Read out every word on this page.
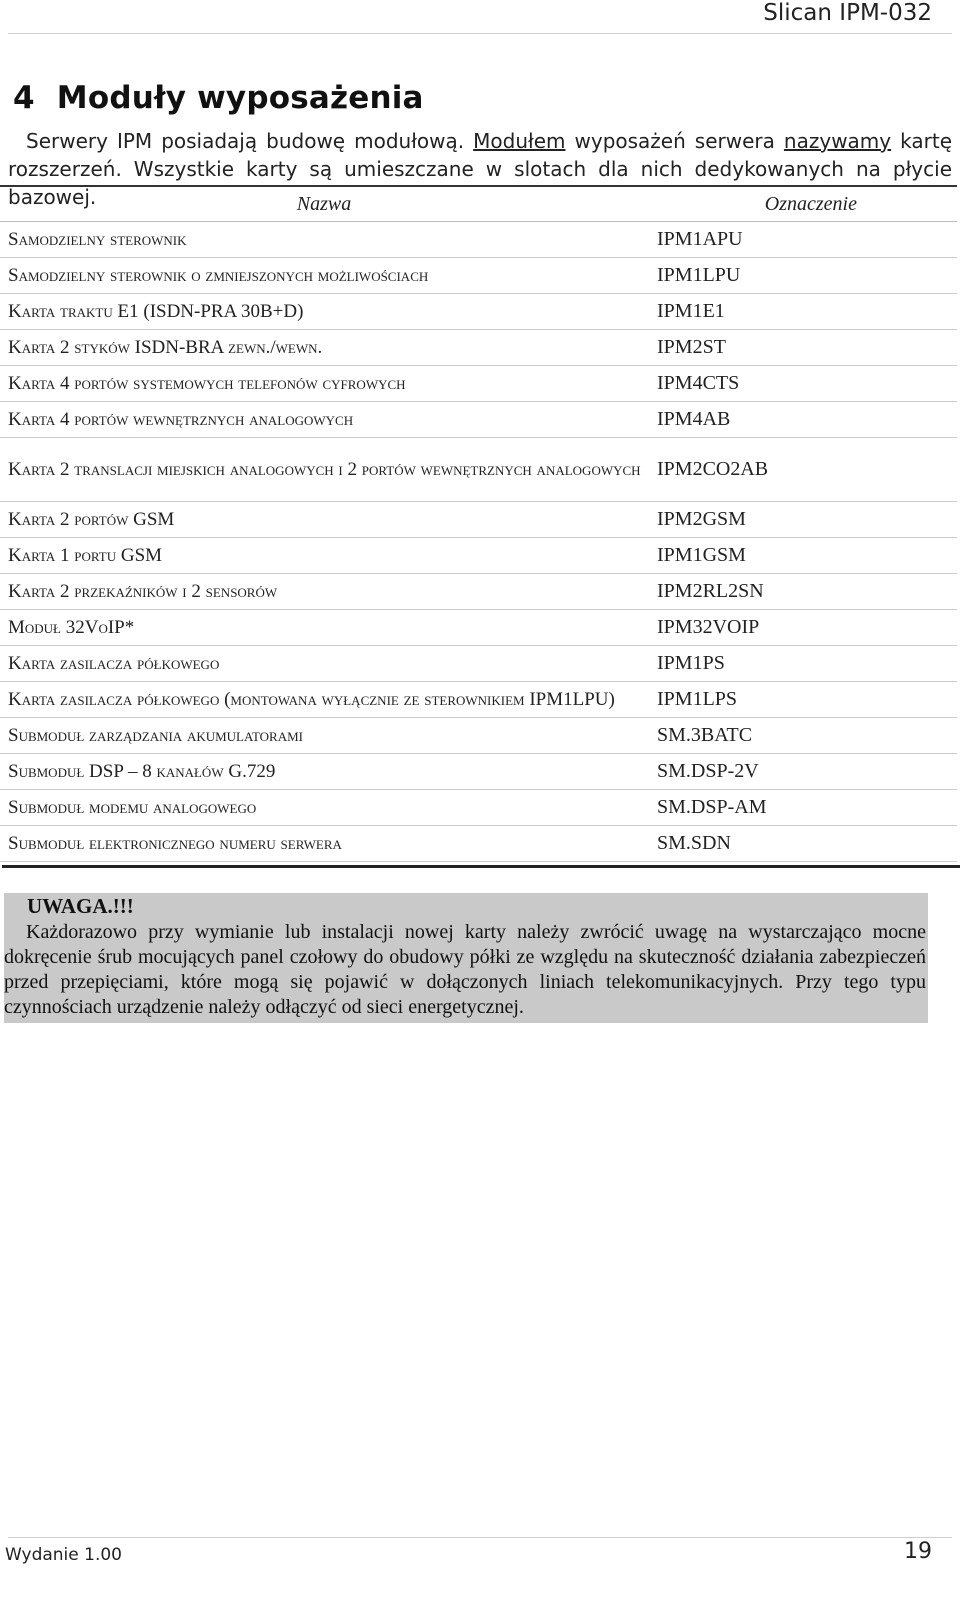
Slican IPM-032
4 Moduły wyposażenia

Serwery IPM posiadają budowę modułową. Modułem wyposażeń serwera nazywamy kartę
rozszerzeń. Wszystkie karty są umieszczane w slotach dla nich dedykowanych na płycie bazowej.	Nazwa	Oznaczenie
Samodzielny sterownik	IPM1APU
Samodzielny sterownik o zmniejszonych możliwościach	IPM1LPU
Karta traktu E1 (ISDN-PRA 30B+D)	IPM1E1
Karta 2 styków ISDN-BRA zewn./wewn.	IPM2ST
Karta 4 portów systemowych telefonów cyfrowych	IPM4CTS
Karta 4 portów wewnętrznych analogowych	IPM4AB
Karta 2 translacji miejskich analogowych i 2 portów wewnętrznych analogowych	IPM2CO2AB
Karta 2 portów GSM	IPM2GSM
Karta 1 portu GSM	IPM1GSM
Karta 2 przekaźników i 2 sensorów	IPM2RL2SN
Moduł 32VoIP*	IPM32VOIP
Karta zasilacza półkowego	IPM1PS
Karta zasilacza półkowego (montowana wyłącznie ze sterownikiem IPM1LPU)	IPM1LPS
Submoduł zarządzania akumulatorami	SM.3BATC
Submoduł DSP – 8 kanałów G.729	SM.DSP-2V
Submoduł modemu analogowego	SM.DSP-AM
Submoduł elektronicznego numeru serwera	SM.SDN

UWAGA.!!!

Każdorazowo przy wymianie lub instalacji nowej karty należy zwrócić uwagę na wystarczająco mocne dokręcenie śrub mocujących panel czołowy do obudowy półki ze względu na skuteczność działania zabezpieczeń przed przepięciami, które mogą się pojawić w dołączonych liniach telekomunikacyjnych. Przy tego typu czynnościach urządzenie należy odłączyć od sieci energetycznej.

Wydanie 1.00	19
